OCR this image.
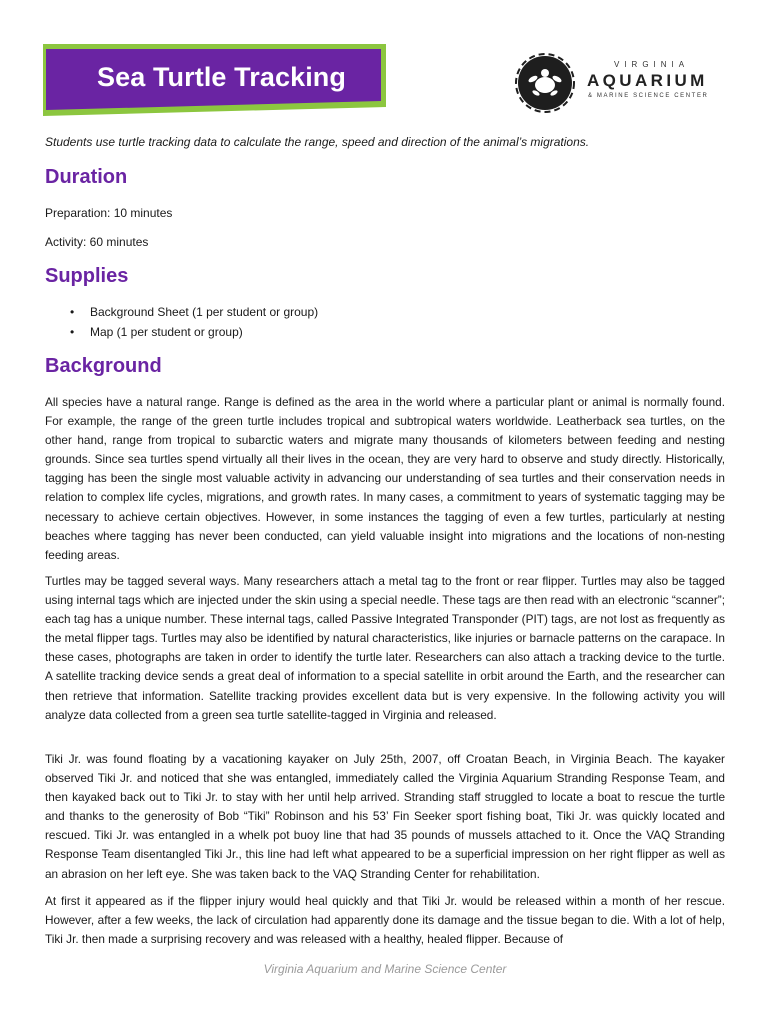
Sea Turtle Tracking	VIRGINIA
AQUARIUM
& MARINE SCIENCE CENTER

Students use turtle tracking data to calculate the range, speed and direction of the animal’s migrations.

Duration

Preparation: 10 minutes

Activity: 60 minutes

Supplies
• Background Sheet (1 per student or group)
• Map (1 per student or group)
Background

All species have a natural range. Range is defined as the area in the world where a particular plant or animal is normally found. For example, the range of the green turtle includes tropical and subtropical waters worldwide. Leatherback sea turtles, on the other hand, range from tropical to subarctic waters and migrate many thousands of kilometers between feeding and nesting grounds. Since sea turtles spend virtually all their lives in the ocean, they are very hard to observe and study directly. Historically, tagging has been the single most valuable activity in advancing our understanding of sea turtles and their conservation needs in relation to complex life cycles, migrations, and growth rates. In many cases, a commitment to years of systematic tagging may be necessary to achieve certain objectives. However, in some instances the tagging of even a few turtles, particularly at nesting beaches where tagging has never been conducted, can yield valuable insight into migrations and the locations of non-nesting feeding areas.

Turtles may be tagged several ways. Many researchers attach a metal tag to the front or rear flipper. Turtles may also be tagged using internal tags which are injected under the skin using a special needle. These tags are then read with an electronic “scanner”; each tag has a unique number. These internal tags, called Passive Integrated Transponder (PIT) tags, are not lost as frequently as the metal flipper tags. Turtles may also be identified by natural characteristics, like injuries or barnacle patterns on the carapace. In these cases, photographs are taken in order to identify the turtle later. Researchers can also attach a tracking device to the turtle. A satellite tracking device sends a great deal of information to a special satellite in orbit around the Earth, and the researcher can then retrieve that information. Satellite tracking provides excellent data but is very expensive. In the following activity you will analyze data collected from a green sea turtle satellite-tagged in Virginia and released.

Tiki Jr. was found floating by a vacationing kayaker on July 25th, 2007, off Croatan Beach, in Virginia Beach. The kayaker observed Tiki Jr. and noticed that she was entangled, immediately called the Virginia Aquarium Stranding Response Team, and then kayaked back out to Tiki Jr. to stay with her until help arrived. Stranding staff struggled to locate a boat to rescue the turtle and thanks to the generosity of Bob “Tiki” Robinson and his 53’ Fin Seeker sport fishing boat, Tiki Jr. was quickly located and rescued. Tiki Jr. was entangled in a whelk pot buoy line that had 35 pounds of mussels attached to it. Once the VAQ Stranding Response Team disentangled Tiki Jr., this line had left what appeared to be a superficial impression on her right flipper as well as an abrasion on her left eye. She was taken back to the VAQ Stranding Center for rehabilitation.

At first it appeared as if the flipper injury would heal quickly and that Tiki Jr. would be released within a month of her rescue. However, after a few weeks, the lack of circulation had apparently done its damage and the tissue began to die. With a lot of help, Tiki Jr. then made a surprising recovery and was released with a healthy, healed flipper. Because of

Virginia Aquarium and Marine Science Center
